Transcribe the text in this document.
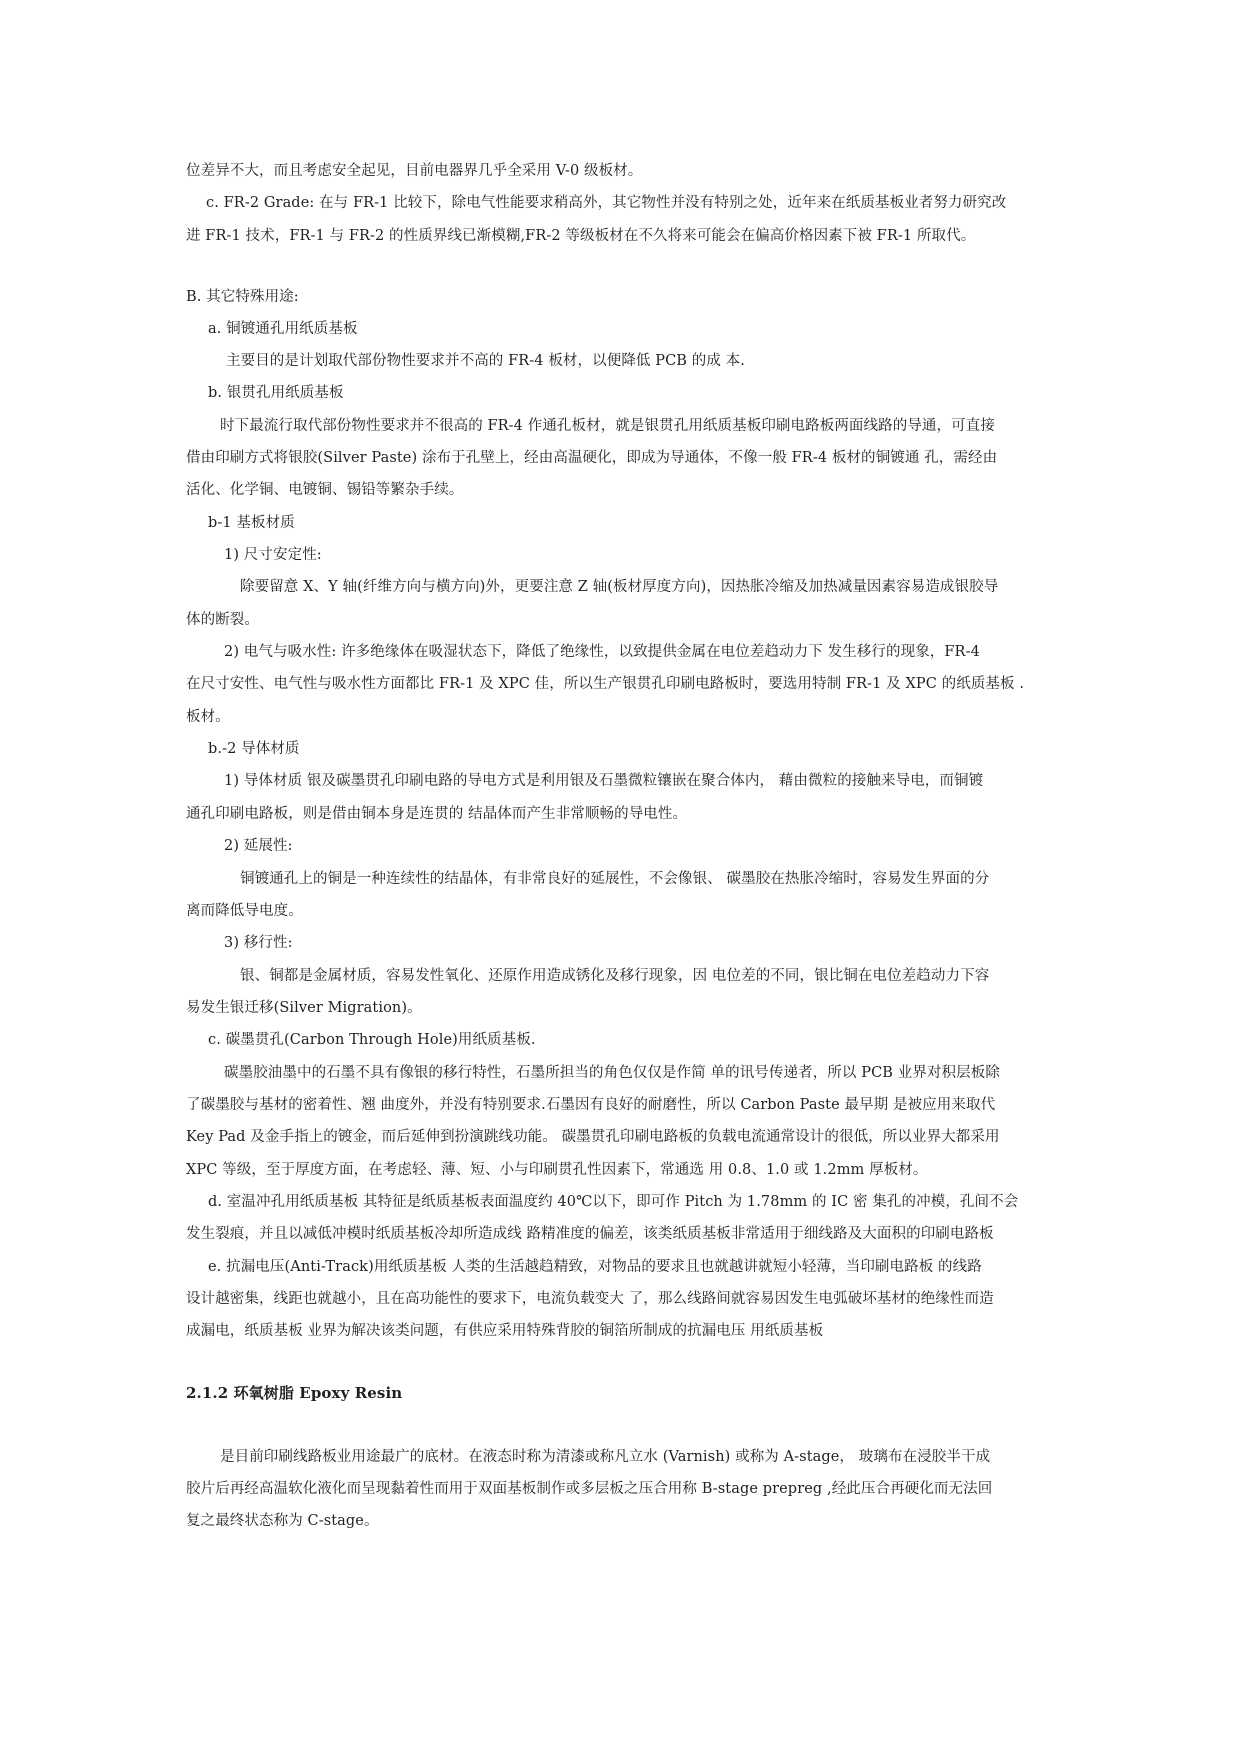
位差异不大，而且考虑安全起见，目前电器界几乎全采用 V-0 级板材。
c. FR-2 Grade: 在与 FR-1 比较下，除电气性能要求稍高外，其它物性并没有特别之处，近年来在纸质基板业者努力研究改
进 FR-1 技术，FR-1 与 FR-2 的性质界线已渐模糊,FR-2 等级板材在不久将来可能会在偏高价格因素下被 FR-1 所取代。
B. 其它特殊用途:
a. 铜镀通孔用纸质基板
主要目的是计划取代部份物性要求并不高的 FR-4 板材，以便降低 PCB 的成 本.
b. 银贯孔用纸质基板
时下最流行取代部份物性要求并不很高的 FR-4 作通孔板材，就是银贯孔用纸质基板印刷电路板两面线路的导通，可直接
借由印刷方式将银胶(Silver Paste) 涂布于孔壁上，经由高温硬化，即成为导通体，不像一般 FR-4 板材的铜镀通 孔，需经由
活化、化学铜、电镀铜、锡铅等繁杂手续。
b-1 基板材质
1) 尺寸安定性:
除要留意 X、Y 轴(纤维方向与横方向)外，更要注意 Z 轴(板材厚度方向)，因热胀冷缩及加热减量因素容易造成银胶导
体的断裂。
2) 电气与吸水性: 许多绝缘体在吸湿状态下，降低了绝缘性，以致提供金属在电位差趋动力下 发生移行的现象，FR-4
在尺寸安性、电气性与吸水性方面都比 FR-1 及 XPC 佳，所以生产银贯孔印刷电路板时，要选用特制 FR-1 及 XPC 的纸质基板 .
板材。
b.-2 导体材质
1) 导体材质 银及碳墨贯孔印刷电路的导电方式是利用银及石墨微粒镶嵌在聚合体内， 藉由微粒的接触来导电，而铜镀
通孔印刷电路板，则是借由铜本身是连贯的 结晶体而产生非常顺畅的导电性。
2) 延展性:
铜镀通孔上的铜是一种连续性的结晶体，有非常良好的延展性，不会像银、 碳墨胶在热胀冷缩时，容易发生界面的分
离而降低导电度。
3) 移行性:
银、铜都是金属材质，容易发性氧化、还原作用造成锈化及移行现象，因 电位差的不同，银比铜在电位差趋动力下容
易发生银迁移(Silver Migration)。
c. 碳墨贯孔(Carbon Through Hole)用纸质基板.
碳墨胶油墨中的石墨不具有像银的移行特性，石墨所担当的角色仅仅是作简 单的讯号传递者，所以 PCB 业界对积层板除
了碳墨胶与基材的密着性、翘 曲度外，并没有特别要求.石墨因有良好的耐磨性，所以 Carbon Paste 最早期 是被应用来取代
Key Pad 及金手指上的镀金，而后延伸到扮演跳线功能。 碳墨贯孔印刷电路板的负载电流通常设计的很低，所以业界大都采用
XPC 等级，至于厚度方面，在考虑轻、薄、短、小与印刷贯孔性因素下，常通选 用 0.8、1.0 或 1.2mm 厚板材。
d. 室温冲孔用纸质基板 其特征是纸质基板表面温度约 40℃以下，即可作 Pitch 为 1.78mm 的 IC 密 集孔的冲模，孔间不会
发生裂痕，并且以减低冲模时纸质基板冷却所造成线 路精准度的偏差，该类纸质基板非常适用于细线路及大面积的印刷电路板
e. 抗漏电压(Anti-Track)用纸质基板 人类的生活越趋精致，对物品的要求且也就越讲就短小轻薄，当印刷电路板 的线路
设计越密集，线距也就越小，且在高功能性的要求下，电流负载变大 了，那么线路间就容易因发生电弧破坏基材的绝缘性而造
成漏电，纸质基板 业界为解决该类问题，有供应采用特殊背胶的铜箔所制成的抗漏电压 用纸质基板
2.1.2 环氧树脂 Epoxy Resin
是目前印刷线路板业用途最广的底材。在液态时称为清漆或称凡立水 (Varnish) 或称为 A-stage， 玻璃布在浸胶半干成
胶片后再经高温软化液化而呈现黏着性而用于双面基板制作或多层板之压合用称 B-stage prepreg ,经此压合再硬化而无法回
复之最终状态称为 C-stage。
